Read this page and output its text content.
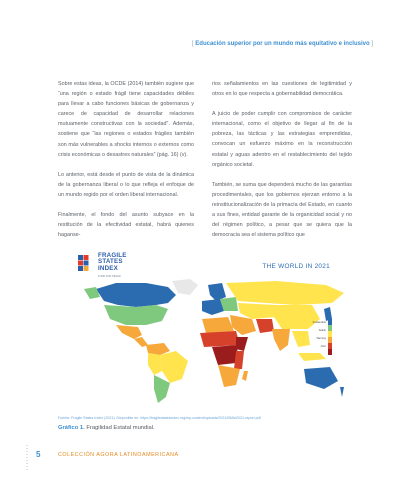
[ Educación superior por un mundo más equitativo e inclusivo ]

Sobre estas ideas, la OCDE (2014) también sugiere que “una región o estado frágil tiene capacidades débiles para llevar a cabo funciones básicas de gobernanza y carece de capacidad de desarrollar relaciones mutuamente constructivas con la sociedad”. Además, sostiene que “las regiones o estados frágiles también son más vulnerables a shocks internos o externos como crisis económicas o desastres naturales” (pág. 16) (v).

Lo anterior, está desde el punto de vista de la dinámica de la gobernanza liberal o lo que refleja el enfoque de un mundo regido por el orden liberal internacional.

Finalmente, el fondo del asunto subyace en la restitución de la efectividad estatal, habrá quienes haganse-

rios señalamientos en las cuestiones de legitimidad y otros en lo que respecta a gobernabilidad democrática.

A juicio de poder cumplir con compromisos de carácter internacional, como el objetivo de llegar al fin de la pobreza, las tácticas y las estrategias emprendidas, convocan un esfuerzo máximo en la reconstrucción estatal y aguas adentro en el restablecimiento del tejido orgánico societal.

También, se suma que dependerá mucho de las garantías procedimentales, que los gobiernos ejerzan entorno a la reinstitucionalización de la primacía del Estado, en cuanto a sus fines, entidad garante de la organicidad social y no del régimen político, a pesar que se quiera que la democracia sea el sistema político que

FRAGILE
STATES
INDEX
FUND FOR PEACE
THE WORLD IN 2021
Sustainable
Stable
Warning
Alert
Fuente: Fragile States Index (2021). Disponible en: https://fragilestatesindex.org/wp-content/uploads/2021/05/fsi2021-report.pdf
Gráfico 1. Fragilidad Estatal mundial.
5	COLECCIÓN AGORA LATINOAMERICANA
